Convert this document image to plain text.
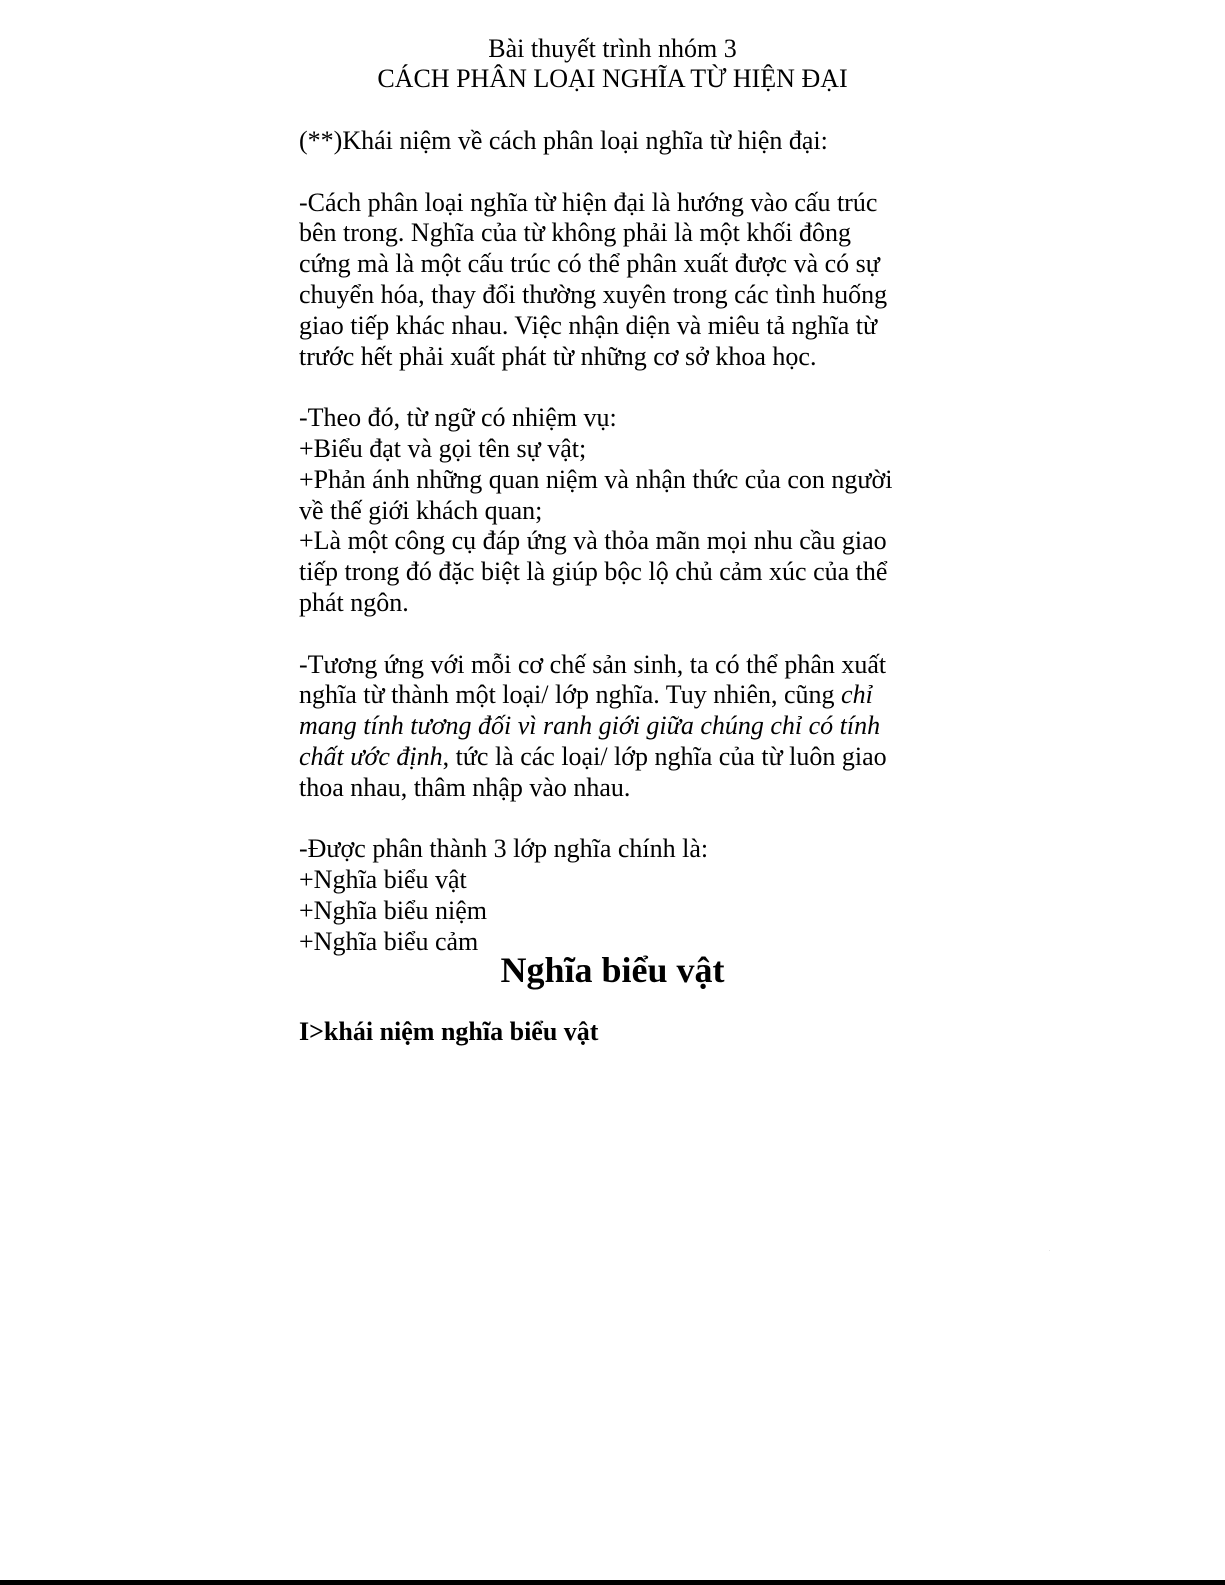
Bài thuyết trình nhóm 3
CÁCH PHÂN LOẠI NGHĨA TỪ HIỆN ĐẠI
(**)Khái niệm về cách phân loại nghĩa từ hiện đại:
-Cách phân loại nghĩa từ hiện đại là hướng vào cấu trúc
bên trong. Nghĩa của từ không phải là một khối đông
cứng mà là một cấu trúc có thể phân xuất được và có sự
chuyển hóa, thay đổi thường xuyên trong các tình huống
giao tiếp khác nhau. Việc nhận diện và miêu tả nghĩa từ
trước hết phải xuất phát từ những cơ sở khoa học.
-Theo đó, từ ngữ có nhiệm vụ:
+Biểu đạt và gọi tên sự vật;
+Phản ánh những quan niệm và nhận thức của con người
về thế giới khách quan;
+Là một công cụ đáp ứng và thỏa mãn mọi nhu cầu giao
tiếp trong đó đặc biệt là giúp bộc lộ chủ cảm xúc của thể
phát ngôn.
-Tương ứng với mỗi cơ chế sản sinh, ta có thể phân xuất
nghĩa từ thành một loại/ lớp nghĩa. Tuy nhiên, cũng chỉ
mang tính tương đối vì ranh giới giữa chúng chỉ có tính
chất ước định, tức là các loại/ lớp nghĩa của từ luôn giao
thoa nhau, thâm nhập vào nhau.
-Được phân thành 3 lớp nghĩa chính là:
+Nghĩa biểu vật
+Nghĩa biểu niệm
+Nghĩa biểu cảm
Nghĩa biểu vật
I>khái niệm nghĩa biểu vật
